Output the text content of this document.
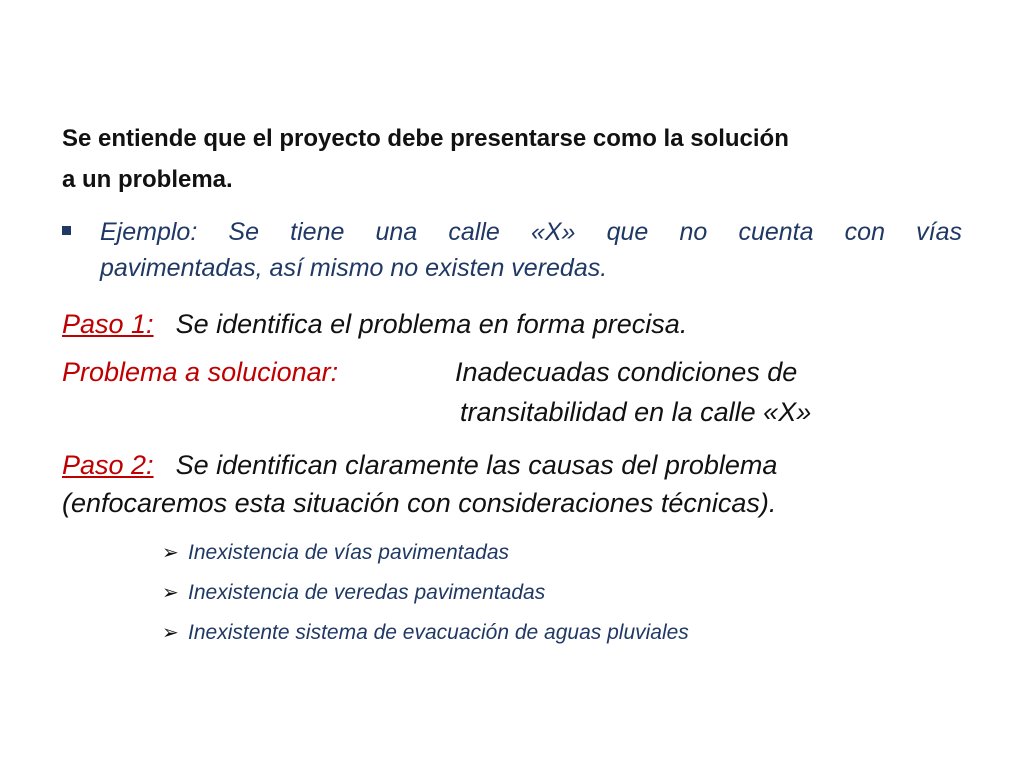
Se entiende que el proyecto debe presentarse como la solución
a un problema.
Ejemplo: Se tiene una calle «X» que no cuenta con vías
pavimentadas, así mismo no existen veredas.
Paso 1: Se identifica el problema en forma precisa.
Problema a solucionar:	Inadecuadas condiciones de
transitabilidad en la calle «X»
Paso 2: Se identifican claramente las causas del problema
(enfocaremos esta situación con consideraciones técnicas).
➢ Inexistencia de vías pavimentadas
➢ Inexistencia de veredas pavimentadas
➢ Inexistente sistema de evacuación de aguas pluviales
